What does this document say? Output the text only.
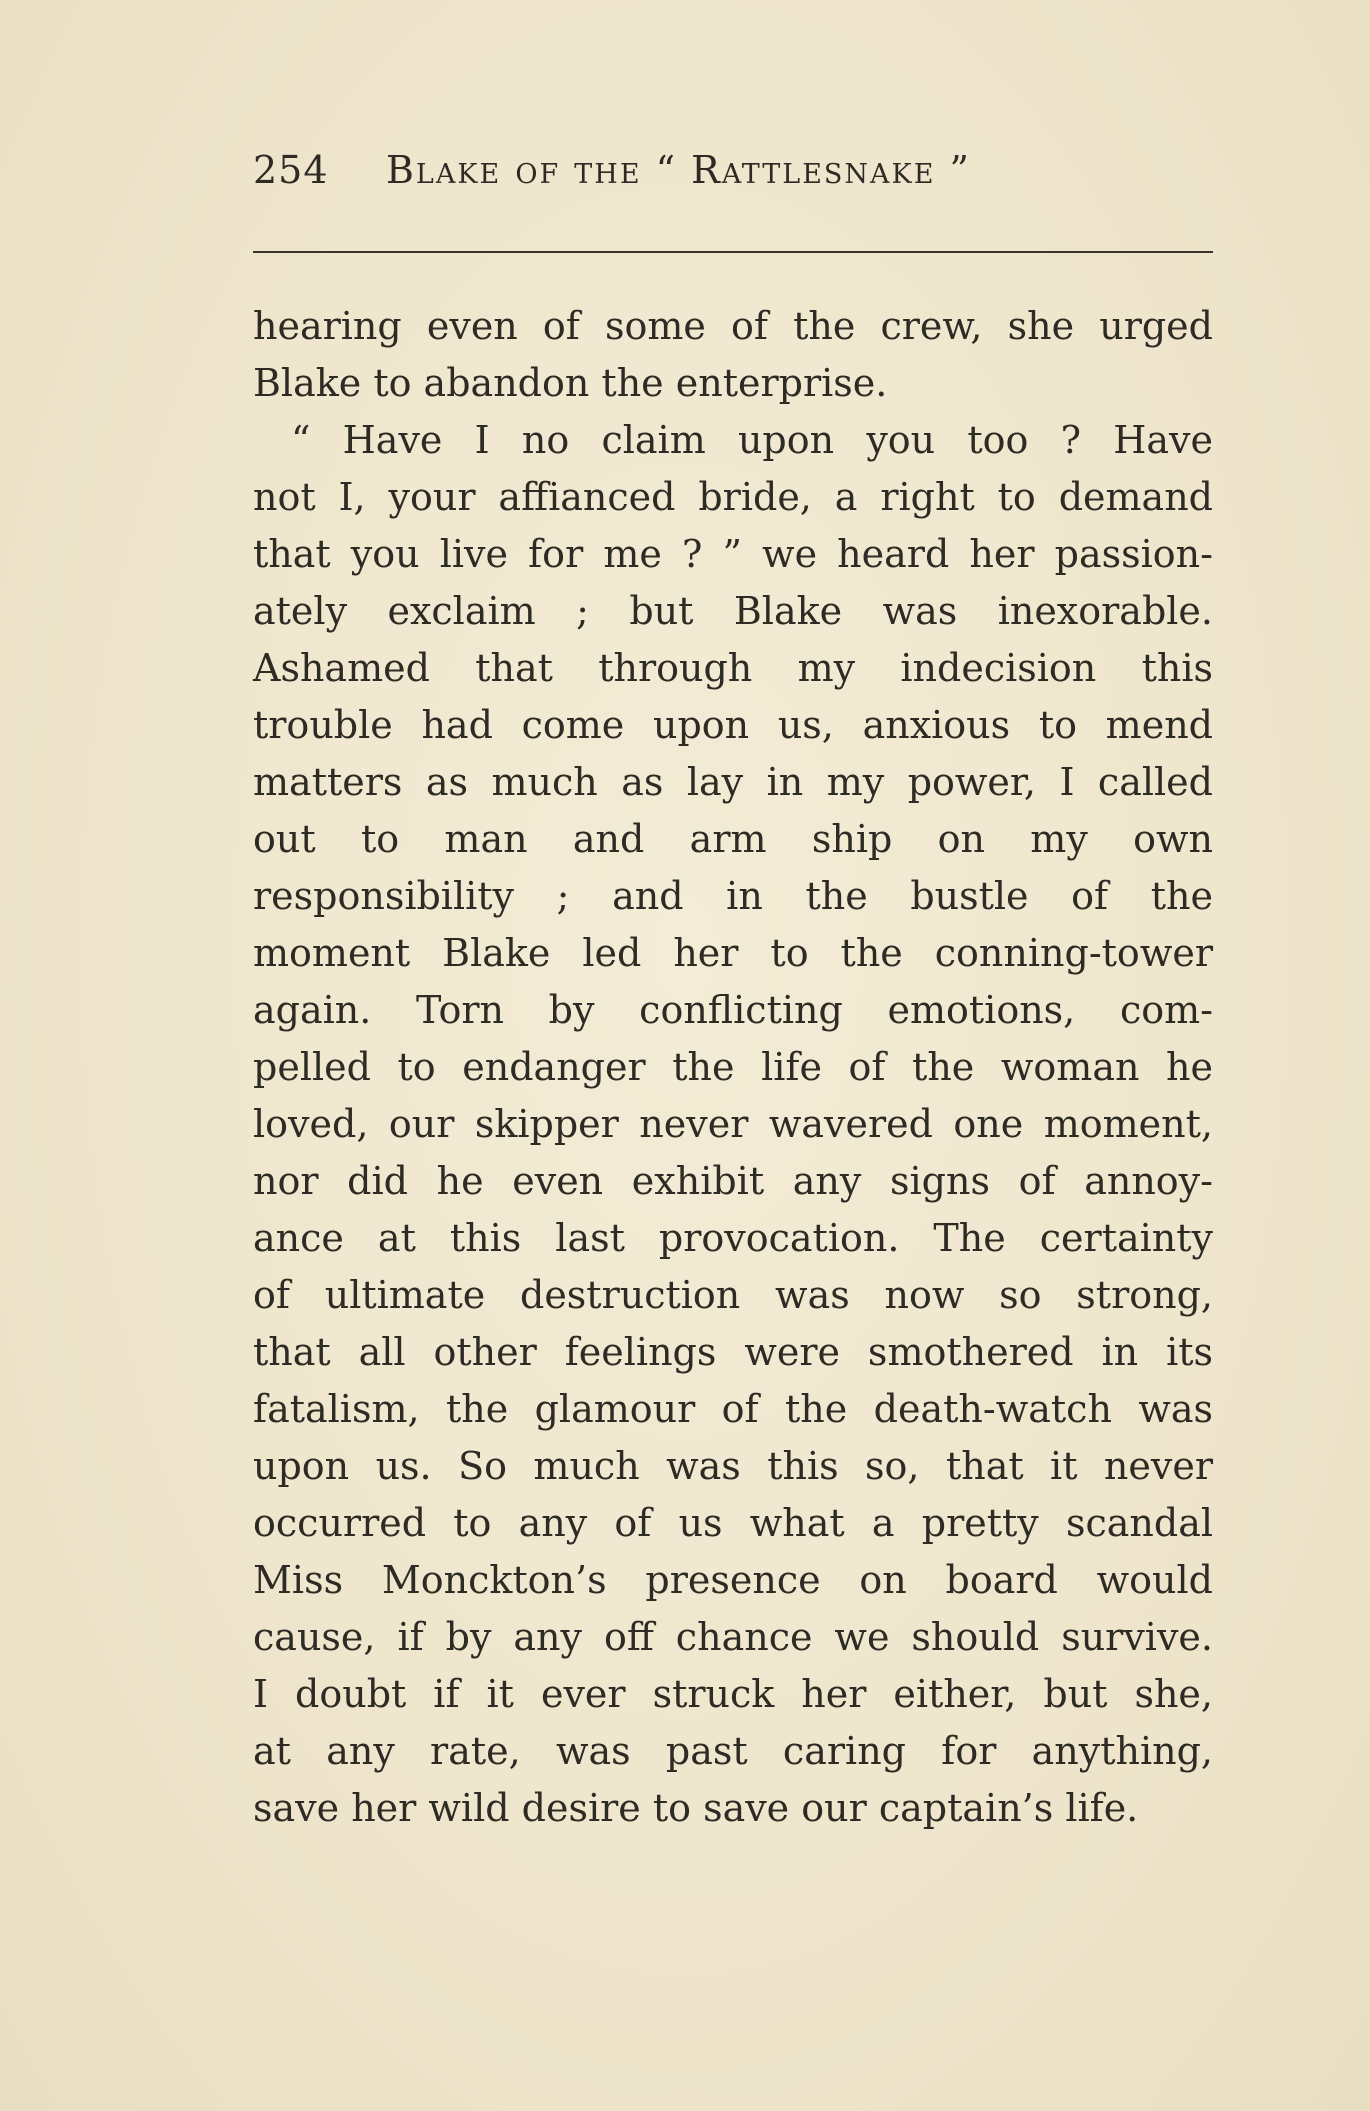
254 Blake of the “ Rattlesnake ”
hearing even of some of the crew, she urged
Blake to abandon the enterprise.
“ Have I no claim upon you too ? Have
not I, your affianced bride, a right to demand
that you live for me ? ” we heard her passion-
ately exclaim ; but Blake was inexorable.
Ashamed that through my indecision this
trouble had come upon us, anxious to mend
matters as much as lay in my power, I called
out to man and arm ship on my own
responsibility ; and in the bustle of the
moment Blake led her to the conning-tower
again. Torn by conflicting emotions, com-
pelled to endanger the life of the woman he
loved, our skipper never wavered one moment,
nor did he even exhibit any signs of annoy-
ance at this last provocation. The certainty
of ultimate destruction was now so strong,
that all other feelings were smothered in its
fatalism, the glamour of the death-watch was
upon us. So much was this so, that it never
occurred to any of us what a pretty scandal
Miss Monckton’s presence on board would
cause, if by any off chance we should survive.
I doubt if it ever struck her either, but she,
at any rate, was past caring for anything,
save her wild desire to save our captain’s life.
